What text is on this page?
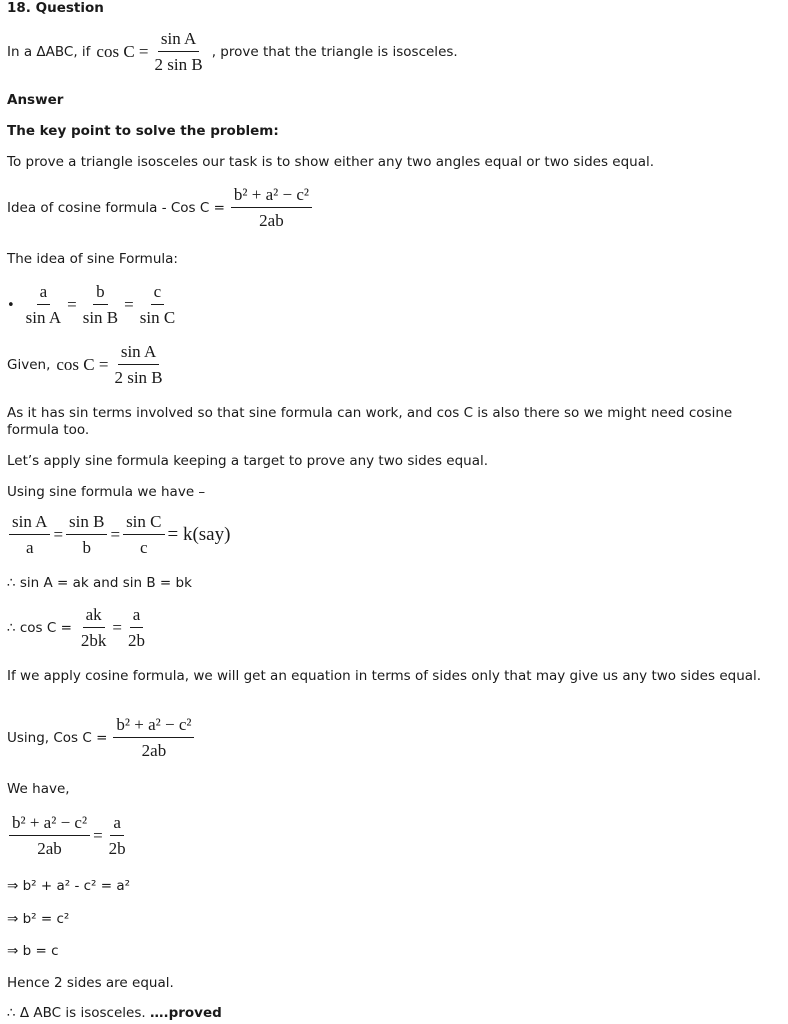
18. Question
In a ΔABC, if $\cos C = \frac{\text{sin A}}{\text{2 sin B}}$ , prove that the triangle is isosceles.
Answer
The key point to solve the problem:
To prove a triangle isosceles our task is to show either any two angles equal or two sides equal.
Idea of cosine formula - Cos $C = \frac{\text{b² + a² − c²}}{2ab}$
The idea of sine Formula:
• $\frac{a}{\text{sin A}} = \frac{b}{\text{sin B}} = \frac{c}{\text{sin C}}$
Given, $\cos C = \frac{\text{sin A}}{\text{2 sin B}}$
As it has sin terms involved so that sine formula can work, and cos C is also there so we might need cosine formula too.
Let’s apply sine formula keeping a target to prove any two sides equal.
Using sine formula we have –
$\frac{\text{sin A}}{a} = \frac{\text{sin B}}{b} = \frac{\text{sin C}}{c} = k(say)$
∴ sin A = ak and sin B = bk
∴ $\cos C = \frac{ak}{2bk} = \frac{a}{2b}$
If we apply cosine formula, we will get an equation in terms of sides only that may give us any two sides equal.
Using, Cos $C = \frac{\text{b² + a² − c²}}{2ab}$
We have,
$\frac{\text{b² + a² − c²}}{2ab} = \frac{a}{2b}$
⇒ b² + a² - c² = a²
⇒ b² = c²
⇒ b = c
Hence 2 sides are equal.
∴ Δ ABC is isosceles. ….proved
